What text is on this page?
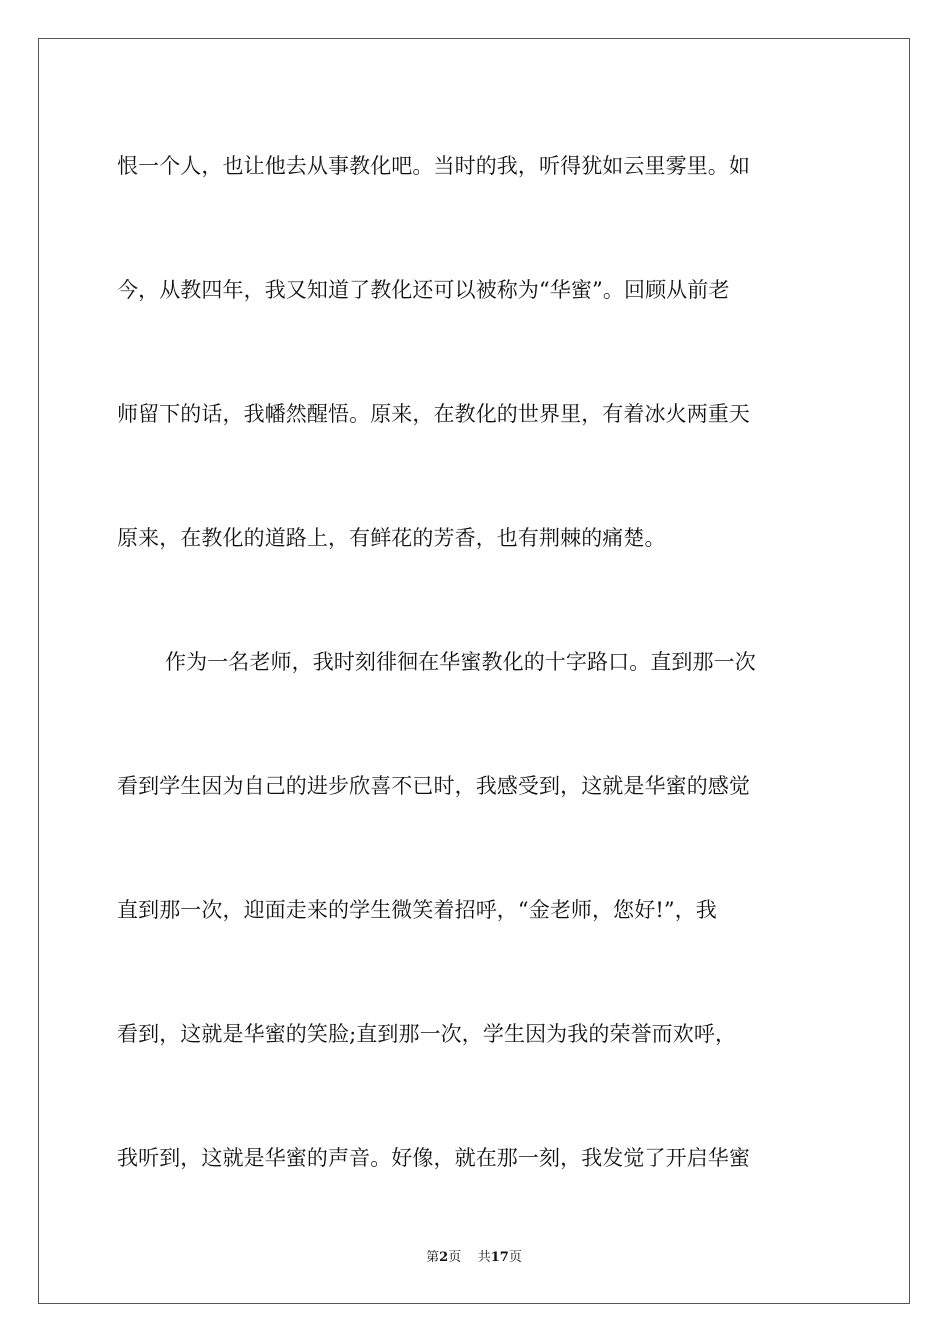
恨一个人，也让他去从事教化吧。当时的我，听得犹如云里雾里。如
今，从教四年，我又知道了教化还可以被称为“华蜜”。回顾从前老
师留下的话，我幡然醒悟。原来，在教化的世界里，有着冰火两重天
原来，在教化的道路上，有鲜花的芳香，也有荆棘的痛楚。
作为一名老师，我时刻徘徊在华蜜教化的十字路口。直到那一次
看到学生因为自己的进步欣喜不已时，我感受到，这就是华蜜的感觉
直到那一次，迎面走来的学生微笑着招呼，“金老师，您好!”，我
看到，这就是华蜜的笑脸;直到那一次，学生因为我的荣誉而欢呼，
我听到，这就是华蜜的声音。好像，就在那一刻，我发觉了开启华蜜
第2页 共17页
